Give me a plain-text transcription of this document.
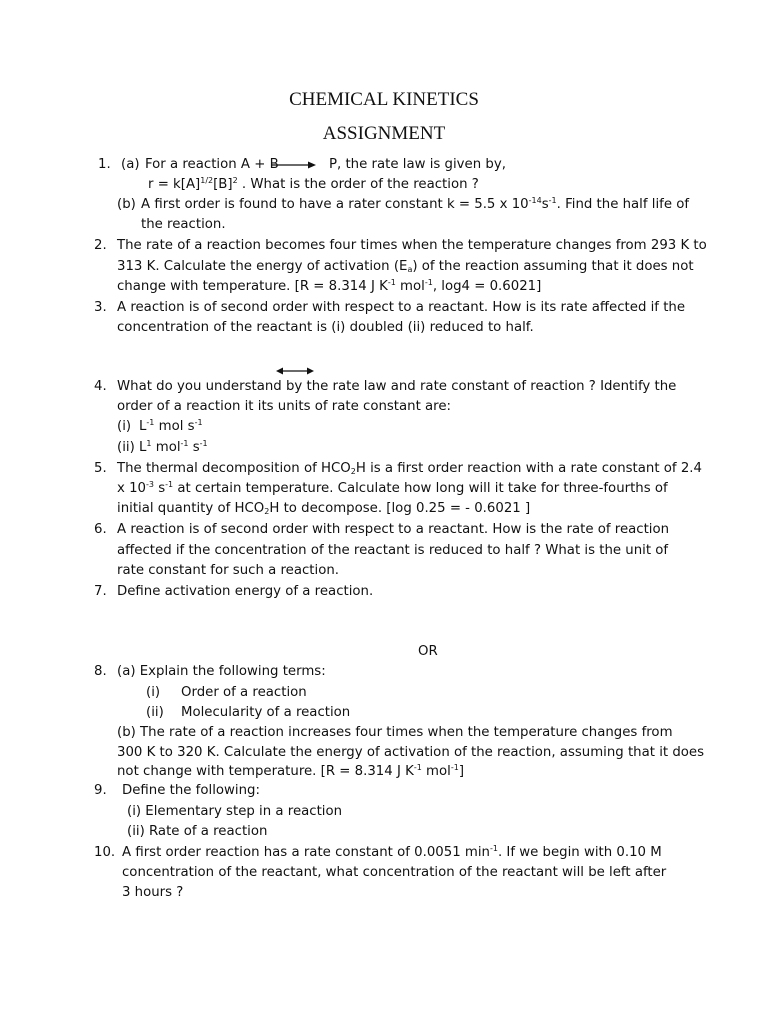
CHEMICAL KINETICS
ASSIGNMENT
1. (a) For a reaction A + B → P, the rate law is given by,
$r = k[A]^{1/2}[B]^2$ . What is the order of the reaction ?
(b) A first order is found to have a rater constant k = 5.5 x $10^{-14}s^{-1}$. Find the half life of
the reaction.
2. The rate of a reaction becomes four times when the temperature changes from 293 K to
313 K. Calculate the energy of activation $(E_a)$ of the reaction assuming that it does not
change with temperature. [R = 8.314 J $K^{-1}$ mol$^{-1}$, log4 = 0.6021]
3. A reaction is of second order with respect to a reactant. How is its rate affected if the
concentration of the reactant is (i) doubled (ii) reduced to half.
4. What do you understand by the rate law and rate constant of reaction ? Identify the
order of a reaction it its units of rate constant are:
(i) $L^{-1}$ mol $s^{-1}$
(ii) $L^1$ mol$^{-1}$ $s^{-1}$
5. The thermal decomposition of $HCO_2H$ is a first order reaction with a rate constant of 2.4
x $10^{-3}$ $s^{-1}$ at certain temperature. Calculate how long will it take for three-fourths of
initial quantity of $HCO_2H$ to decompose. [log 0.25 = - 0.6021 ]
6. A reaction is of second order with respect to a reactant. How is the rate of reaction
affected if the concentration of the reactant is reduced to half ? What is the unit of
rate constant for such a reaction.
7. Define activation energy of a reaction.
OR
8. (a) Explain the following terms:
(i) Order of a reaction
(ii) Molecularity of a reaction
(b) The rate of a reaction increases four times when the temperature changes from
300 K to 320 K. Calculate the energy of activation of the reaction, assuming that it does
not change with temperature. [R = 8.314 J $K^{-1}$ mol$^{-1}$]
9. Define the following:
(i) Elementary step in a reaction
(ii) Rate of a reaction
10. A first order reaction has a rate constant of 0.0051 $\min^{-1}$. If we begin with 0.10 M
concentration of the reactant, what concentration of the reactant will be left after
3 hours ?
